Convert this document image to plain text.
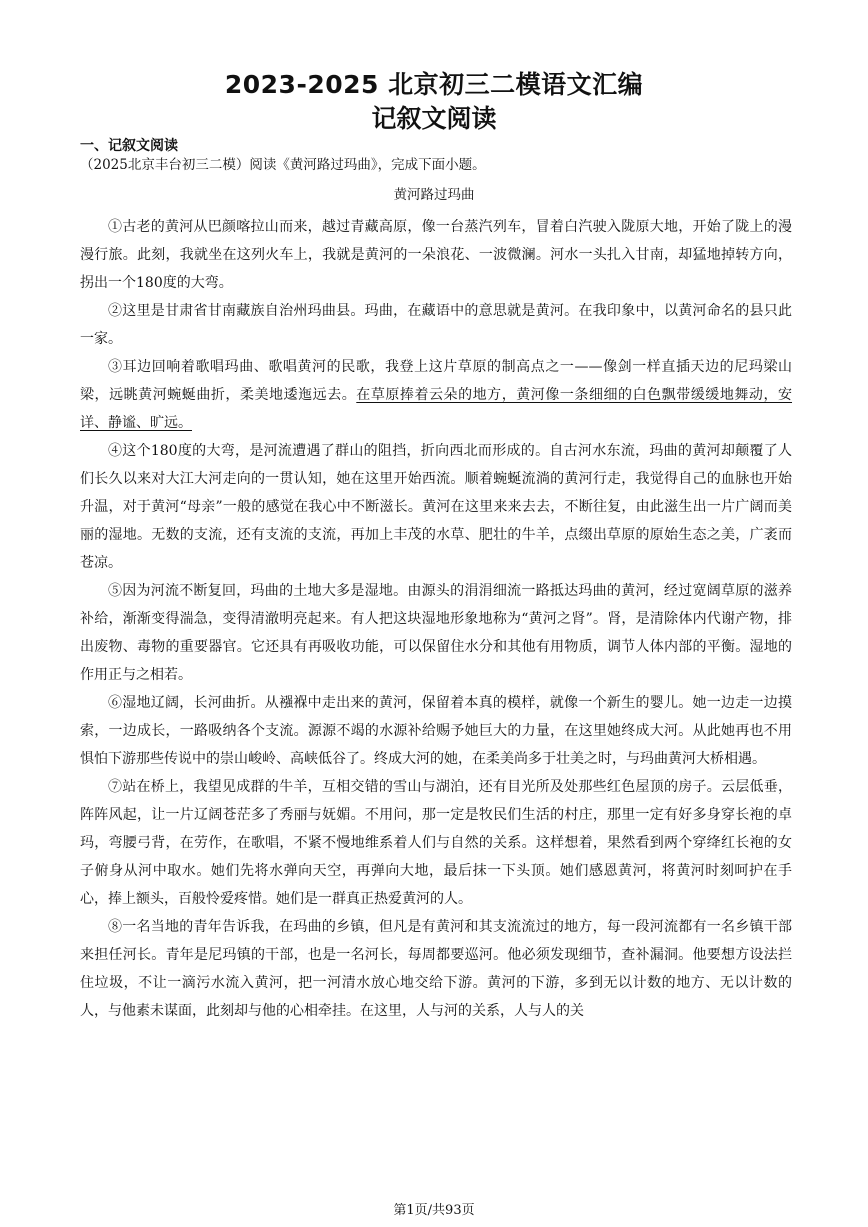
2023-2025 北京初三二模语文汇编
记叙文阅读
一、记叙文阅读
（2025北京丰台初三二模）阅读《黄河路过玛曲》，完成下面小题。
黄河路过玛曲

①古老的黄河从巴颜喀拉山而来，越过青藏高原，像一台蒸汽列车，冒着白汽驶入陇原大地，开始了陇上的漫漫行旅。此刻，我就坐在这列火车上，我就是黄河的一朵浪花、一波微澜。河水一头扎入甘南，却猛地掉转方向，拐出一个180度的大弯。

②这里是甘肃省甘南藏族自治州玛曲县。玛曲，在藏语中的意思就是黄河。在我印象中，以黄河命名的县只此一家。

③耳边回响着歌唱玛曲、歌唱黄河的民歌，我登上这片草原的制高点之一——像剑一样直插天边的尼玛梁山梁，远眺黄河蜿蜒曲折，柔美地逶迤远去。在草原捧着云朵的地方，黄河像一条细细的白色飘带缓缓地舞动，安详、静谧、旷远。

④这个180度的大弯，是河流遭遇了群山的阻挡，折向西北而形成的。自古河水东流，玛曲的黄河却颠覆了人们长久以来对大江大河走向的一贯认知，她在这里开始西流。顺着蜿蜒流淌的黄河行走，我觉得自己的血脉也开始升温，对于黄河“母亲”一般的感觉在我心中不断滋长。黄河在这里来来去去，不断往复，由此滋生出一片广阔而美丽的湿地。无数的支流，还有支流的支流，再加上丰茂的水草、肥壮的牛羊，点缀出草原的原始生态之美，广袤而苍凉。

⑤因为河流不断复回，玛曲的土地大多是湿地。由源头的涓涓细流一路抵达玛曲的黄河，经过宽阔草原的滋养补给，渐渐变得湍急，变得清澈明亮起来。有人把这块湿地形象地称为“黄河之肾”。肾，是清除体内代谢产物，排出废物、毒物的重要器官。它还具有再吸收功能，可以保留住水分和其他有用物质，调节人体内部的平衡。湿地的作用正与之相若。

⑥湿地辽阔，长河曲折。从襁褓中走出来的黄河，保留着本真的模样，就像一个新生的婴儿。她一边走一边摸索，一边成长，一路吸纳各个支流。源源不竭的水源补给赐予她巨大的力量，在这里她终成大河。从此她再也不用惧怕下游那些传说中的崇山峻岭、高峡低谷了。终成大河的她，在柔美尚多于壮美之时，与玛曲黄河大桥相遇。

⑦站在桥上，我望见成群的牛羊，互相交错的雪山与湖泊，还有目光所及处那些红色屋顶的房子。云层低垂，阵阵风起，让一片辽阔苍茫多了秀丽与妩媚。不用问，那一定是牧民们生活的村庄，那里一定有好多身穿长袍的卓玛，弯腰弓背，在劳作，在歌唱，不紧不慢地维系着人们与自然的关系。这样想着，果然看到两个穿绛红长袍的女子俯身从河中取水。她们先将水弹向天空，再弹向大地，最后抹一下头顶。她们感恩黄河，将黄河时刻呵护在手心，捧上额头，百般怜爱疼惜。她们是一群真正热爱黄河的人。

⑧一名当地的青年告诉我，在玛曲的乡镇，但凡是有黄河和其支流流过的地方，每一段河流都有一名乡镇干部来担任河长。青年是尼玛镇的干部，也是一名河长，每周都要巡河。他必须发现细节，查补漏洞。他要想方设法拦住垃圾，不让一滴污水流入黄河，把一河清水放心地交给下游。黄河的下游，多到无以计数的地方、无以计数的人，与他素未谋面，此刻却与他的心相牵挂。在这里，人与河的关系，人与人的关

第1页/共93页
